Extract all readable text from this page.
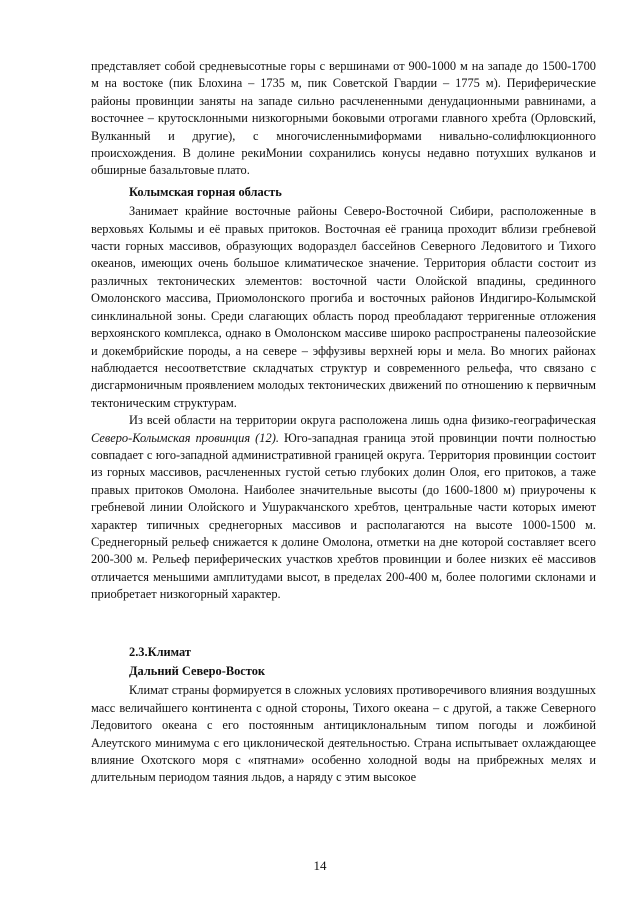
представляет собой средневысотные горы с вершинами от 900-1000 м на западе до 1500-1700 м на востоке (пик Блохина – 1735 м, пик Советской Гвардии – 1775 м). Периферические районы провинции заняты на западе сильно расчлененными денудационными равнинами, а восточнее – крутосклонными низкогорными боковыми отрогами главного хребта (Орловский, Вулканный и другие), с многочисленнымиформами нивально-солифлюкционного происхождения. В долине рекиМонии сохранились конусы недавно потухших вулканов и обширные базальтовые плато.

Колымская горная область

Занимает крайние восточные районы Северо-Восточной Сибири, расположенные в верховьях Колымы и её правых притоков. Восточная её граница проходит вблизи гребневой части горных массивов, образующих водораздел бассейнов Северного Ледовитого и Тихого океанов, имеющих очень большое климатическое значение. Территория области состоит из различных тектонических элементов: восточной части Олойской впадины, срединного Омолонского массива, Приомолонского прогиба и восточных районов Индигиро-Колымской синклинальной зоны. Среди слагающих область пород преобладают терригенные отложения верхоянского комплекса, однако в Омолонском массиве широко распространены палеозойские и докембрийские породы, а на севере – эффузивы верхней юры и мела. Во многих районах наблюдается несоответствие складчатых структур и современного рельефа, что связано с дисгармоничным проявлением молодых тектонических движений по отношению к первичным тектоническим структурам.

Из всей области на территории округа расположена лишь одна физико-географическая Северо-Колымская провинция (12). Юго-западная граница этой провинции почти полностью совпадает с юго-западной административной границей округа. Территория провинции состоит из горных массивов, расчлененных густой сетью глубоких долин Олоя, его притоков, а таже правых притоков Омолона. Наиболее значительные высоты (до 1600-1800 м) приурочены к гребневой линии Олойского и Ушуракчанского хребтов, центральные части которых имеют характер типичных среднегорных массивов и располагаются на высоте 1000-1500 м. Среднегорный рельеф снижается к долине Омолона, отметки на дне которой составляет всего 200-300 м. Рельеф периферических участков хребтов провинции и более низких её массивов отличается меньшими амплитудами высот, в пределах 200-400 м, более пологими склонами и приобретает низкогорный характер.

2.3.Климат
Дальний Северо-Восток

Климат страны формируется в сложных условиях противоречивого влияния воздушных масс величайшего континента с одной стороны, Тихого океана – с другой, а также Северного Ледовитого океана с его постоянным антициклональным типом погоды и ложбиной Алеутского минимума с его циклонической деятельностью. Страна испытывает охлаждающее влияние Охотского моря с «пятнами» особенно холодной воды на прибрежных мелях и длительным периодом таяния льдов, а наряду с этим высокое

14
